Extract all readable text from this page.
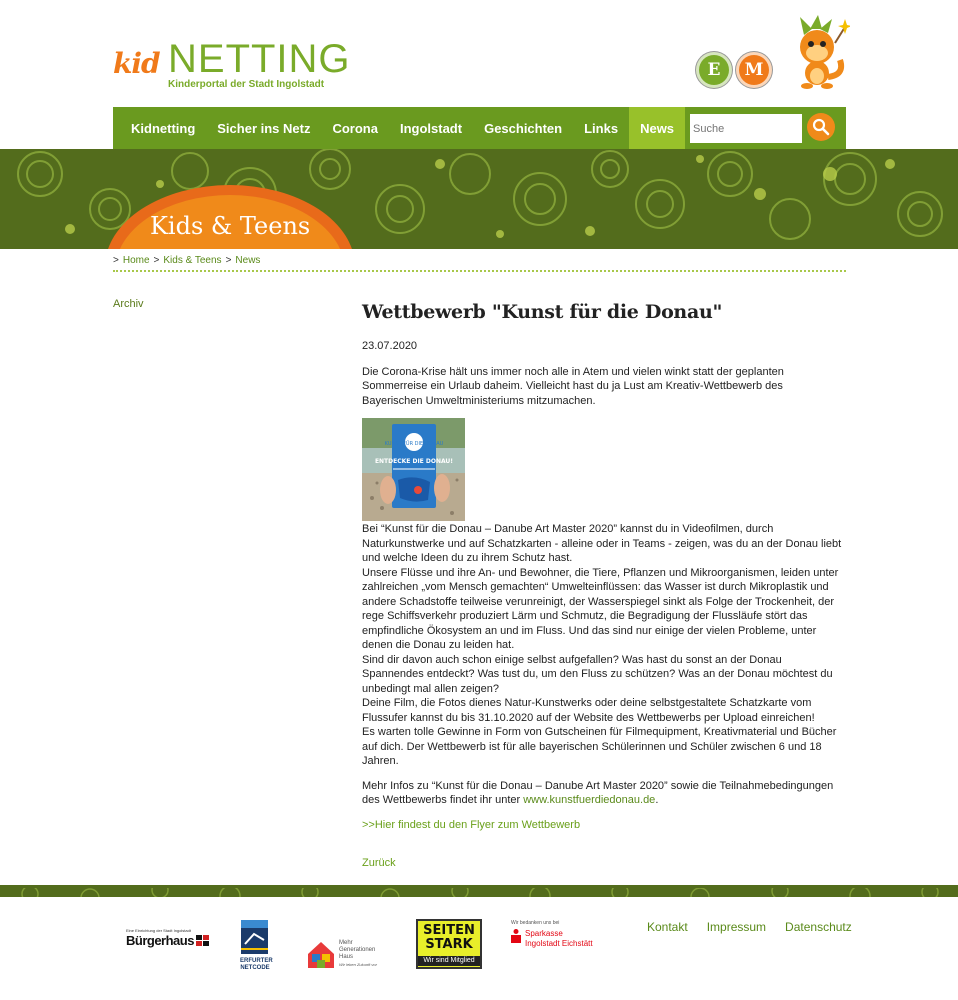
kid NETTING
Kinderportal der Stadt Ingolstadt
E	M
Kidnetting	Sicher ins Netz	Corona	Ingolstadt	Geschichten	Links	News
Suche
Kids & Teens
> Home > Kids & Teens > News
Archiv	Wettbewerb "Kunst für die Donau"
23.07.2020

Die Corona-Krise hält uns immer noch alle in Atem und vielen winkt statt der geplanten Sommerreise ein Urlaub daheim. Vielleicht hast du ja Lust am Kreativ-Wettbewerb des Bayerischen Umweltministeriums mitzumachen.

KUNST FÜR DIE DONAU
ENTDECKE DIE DONAU!

Bei “Kunst für die Donau – Danube Art Master 2020” kannst du in Videofilmen, durch Naturkunstwerke und auf Schatzkarten - alleine oder in Teams - zeigen, was du an der Donau liebt und welche Ideen du zu ihrem Schutz hast.
Unsere Flüsse und ihre An- und Bewohner, die Tiere, Pflanzen und Mikroorganismen, leiden unter zahlreichen „vom Mensch gemachten“ Umwelteinflüssen: das Wasser ist durch Mikroplastik und andere Schadstoffe teilweise verunreinigt, der Wasserspiegel sinkt als Folge der Trockenheit, der rege Schiffsverkehr produziert Lärm und Schmutz, die Begradigung der Flussläufe stört das empfindliche Ökosystem an und im Fluss. Und das sind nur einige der vielen Probleme, unter denen die Donau zu leiden hat.
Sind dir davon auch schon einige selbst aufgefallen? Was hast du sonst an der Donau Spannendes entdeckt? Was tust du, um den Fluss zu schützen? Was an der Donau möchtest du unbedingt mal allen zeigen?
Deine Film, die Fotos dienes Natur-Kunstwerks oder deine selbstgestaltete Schatzkarte vom Flussufer kannst du bis 31.10.2020 auf der Website des Wettbewerbs per Upload einreichen!
Es warten tolle Gewinne in Form von Gutscheinen für Filmequipment, Kreativmaterial und Bücher auf dich. Der Wettbewerb ist für alle bayerischen Schülerinnen und Schüler zwischen 6 und 18 Jahren.

Mehr Infos zu “Kunst für die Donau – Danube Art Master 2020” sowie die Teilnahmebedingungen des Wettbewerbs findet ihr unter www.kunstfuerdiedonau.de.

>>Hier findest du den Flyer zum Wettbewerb
Zurück
Eine Einrichtung der Stadt Ingolstadt
Bürgerhaus
ERFURTER
NETCODE
Mehr
Generationen
Haus
Wir leben Zukunft vor
SEITEN
STARK
Wir sind Mitglied
Wir bedanken uns bei
Sparkasse
Ingolstadt Eichstätt
Kontakt Impressum Datenschutz
